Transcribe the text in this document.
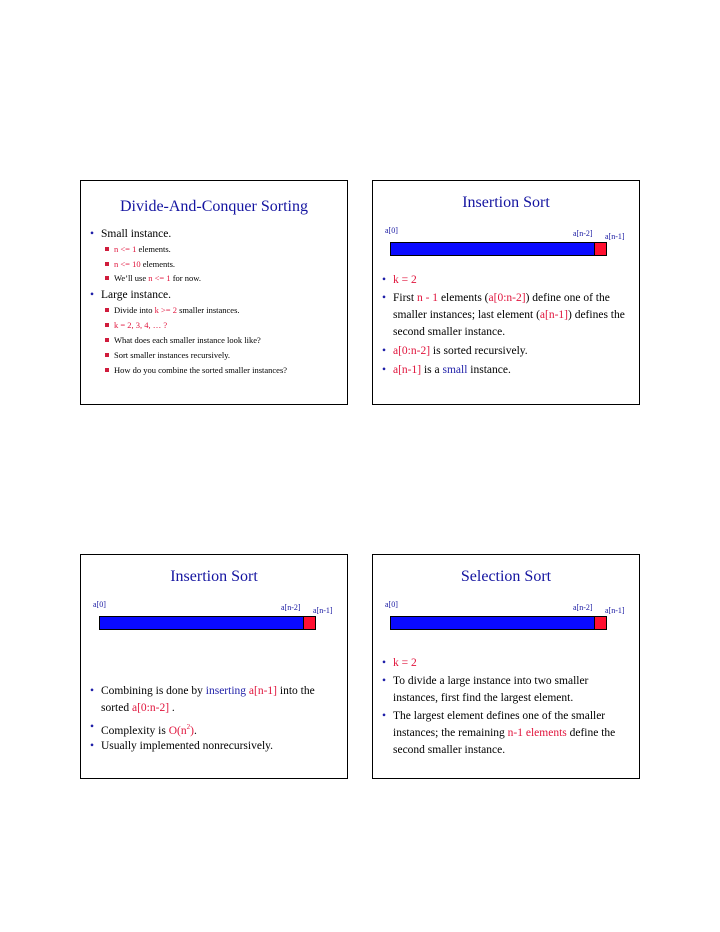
Divide-And-Conquer Sorting
• Small instance.
n <= 1 elements.
n <= 10 elements.
We’ll use n <= 1 for now.
• Large instance.
Divide into k >= 2 smaller instances.
k = 2, 3, 4, … ?
What does each smaller instance look like?
Sort smaller instances recursively.
How do you combine the sorted smaller instances?
Insertion Sort
a[0]	a[n-2] a[n-1]
• k = 2
• First n - 1 elements (a[0:n-2]) define one of the smaller instances; last element (a[n-1]) defines the second smaller instance.
• a[0:n-2] is sorted recursively.
• a[n-1] is a small instance.
Insertion Sort
a[0]	a[n-2] a[n-1]
• Combining is done by inserting a[n-1] into the sorted a[0:n-2] .
• Complexity is $O(n^2)$.
• Usually implemented nonrecursively.
Selection Sort
a[0]	a[n-2] a[n-1]
• k = 2
• To divide a large instance into two smaller instances, first find the largest element.
• The largest element defines one of the smaller instances; the remaining n-1 elements define the second smaller instance.
